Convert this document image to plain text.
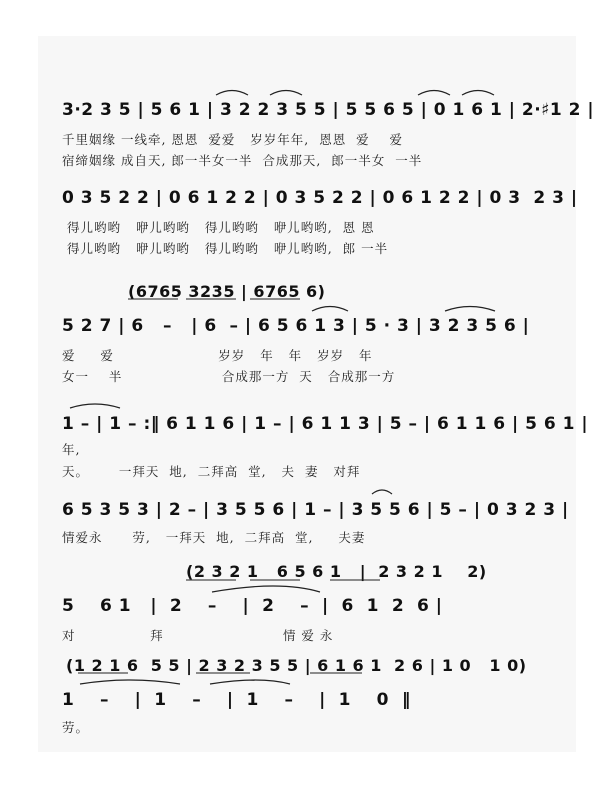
3·2 3 5 | 5 6 1 | 3 2 2 3 5 5 | 5 5 6 5 | 0 1 6 1 | 2·♯1 2 |
千里姻缘 一线牵, 恩恩  爱爱   岁岁年年,  恩恩  爱    爱
宿缔姻缘 成自天, 郎一半女一半  合成那天,  郎一半女  一半
0 3 5 2 2 | 0 6 1 2 2 | 0 3 5 2 2 | 0 6 1 2 2 | 0 3  2 3 |
得儿哟哟   咿儿哟哟   得儿哟哟   咿儿哟哟,  恩 恩
得儿哟哟   咿儿哟哟   得儿哟哟   咿儿哟哟,  郎 一半
(6765 3235 | 6765 6)
5 2 7 | 6   –   | 6  – | 6 5 6 1 3 | 5 · 3 | 3 2 3 5 6 |
爱     爱                     岁岁   年   年   岁岁   年
女一    半                    合成那一方  天   合成那一方
1 – | 1 – :‖ 6 1 1 6 | 1 – | 6 1 1 3 | 5 – | 6 1 1 6 | 5 6 1 |
年,
天。      一拜天  地,  二拜高  堂,   夫  妻   对拜
6 5 3 5 3 | 2 – | 3 5 5 6 | 1 – | 3 5 5 6 | 5 – | 0 3 2 3 |
情爱永      劳,   一拜天  地,  二拜高  堂,     夫妻
(2 3 2 1   6 5 6 1   |  2 3 2 1    2)
5    6 1   |  2    –    |  2    –  |  6  1  2  6 |
对               拜                        情 爱 永
(1 2 1 6  5 5 | 2 3 2 3 5 5 | 6 1 6 1  2 6 | 1 0   1 0)
1    –    |  1    –    |  1    –    |  1    0  ‖
劳。
